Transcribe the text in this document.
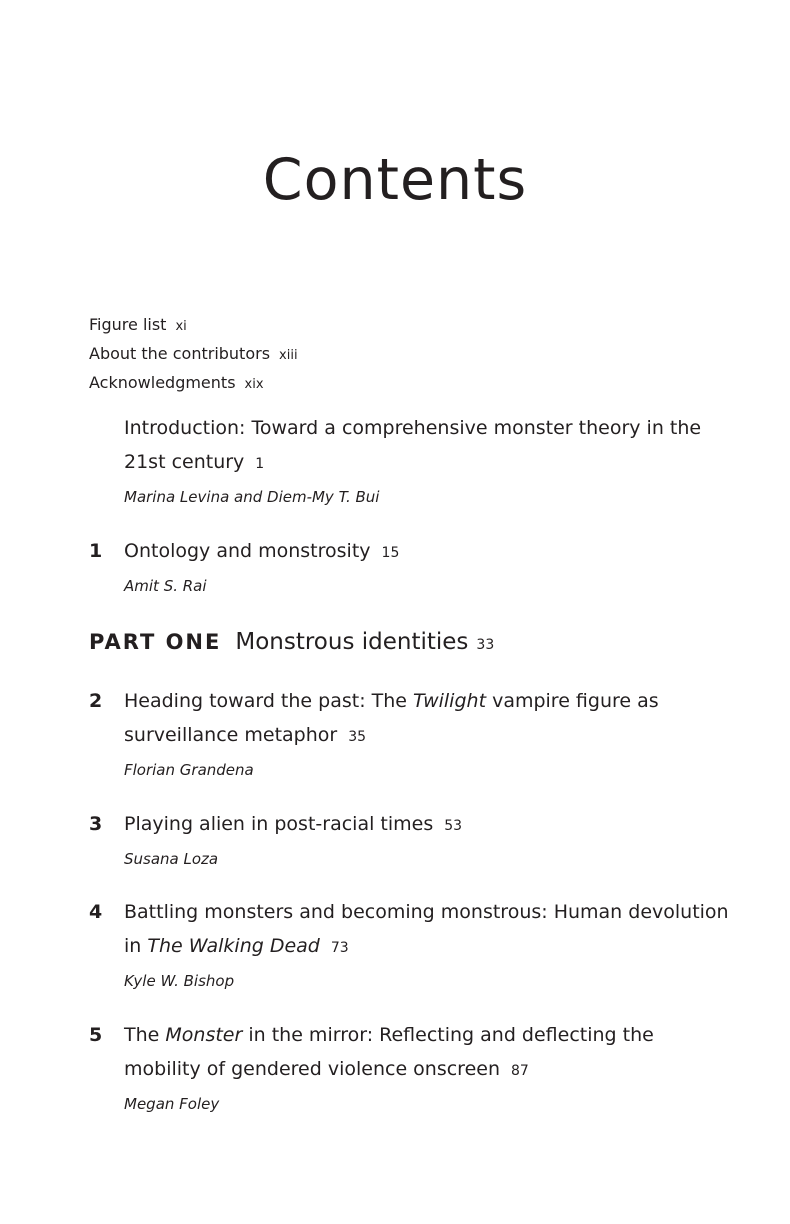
Contents
Figure list xi
About the contributors xiii
Acknowledgments xix
Introduction: Toward a comprehensive monster theory in the
21st century 1
Marina Levina and Diem-My T. Bui
1 Ontology and monstrosity 15
Amit S. Rai
PART ONE Monstrous identities 33
2 Heading toward the past: The Twilight vampire figure as
surveillance metaphor 35
Florian Grandena
3 Playing alien in post-racial times 53
Susana Loza
4 Battling monsters and becoming monstrous: Human devolution
in The Walking Dead 73
Kyle W. Bishop
5 The Monster in the mirror: Reflecting and deflecting the
mobility of gendered violence onscreen 87
Megan Foley
